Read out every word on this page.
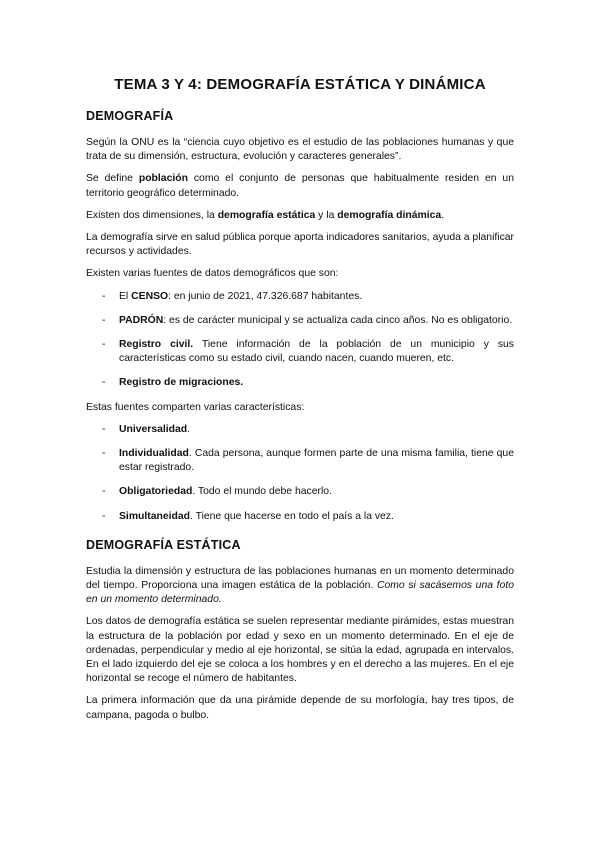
TEMA 3 Y 4: DEMOGRAFÍA ESTÁTICA Y DINÁMICA
DEMOGRAFÍA

Según la ONU es la “ciencia cuyo objetivo es el estudio de las poblaciones humanas y que trata de su dimensión, estructura, evolución y caracteres generales”.

Se define población como el conjunto de personas que habitualmente residen en un territorio geográfico determinado.

Existen dos dimensiones, la demografía estática y la demografía dinámica.

La demografía sirve en salud pública porque aporta indicadores sanitarios, ayuda a planificar recursos y actividades.

Existen varias fuentes de datos demográficos que son:

- El CENSO: en junio de 2021, 47.326.687 habitantes.
- PADRÓN: es de carácter municipal y se actualiza cada cinco años. No es obligatorio.
- Registro civil. Tiene información de la población de un municipio y sus características como su estado civil, cuando nacen, cuando mueren, etc.
- Registro de migraciones.

Estas fuentes comparten varias características:

- Universalidad.
- Individualidad. Cada persona, aunque formen parte de una misma familia, tiene que estar registrado.
- Obligatoriedad. Todo el mundo debe hacerlo.
- Simultaneidad. Tiene que hacerse en todo el país a la vez.
DEMOGRAFÍA ESTÁTICA

Estudia la dimensión y estructura de las poblaciones humanas en un momento determinado del tiempo. Proporciona una imagen estática de la población. Como si sacásemos una foto en un momento determinado.

Los datos de demografía estática se suelen representar mediante pirámides, estas muestran la estructura de la población por edad y sexo en un momento determinado. En el eje de ordenadas, perpendicular y medio al eje horizontal, se sitúa la edad, agrupada en intervalos. En el lado izquierdo del eje se coloca a los hombres y en el derecho a las mujeres. En el eje horizontal se recoge el número de habitantes.

La primera información que da una pirámide depende de su morfología, hay tres tipos, de campana, pagoda o bulbo.
